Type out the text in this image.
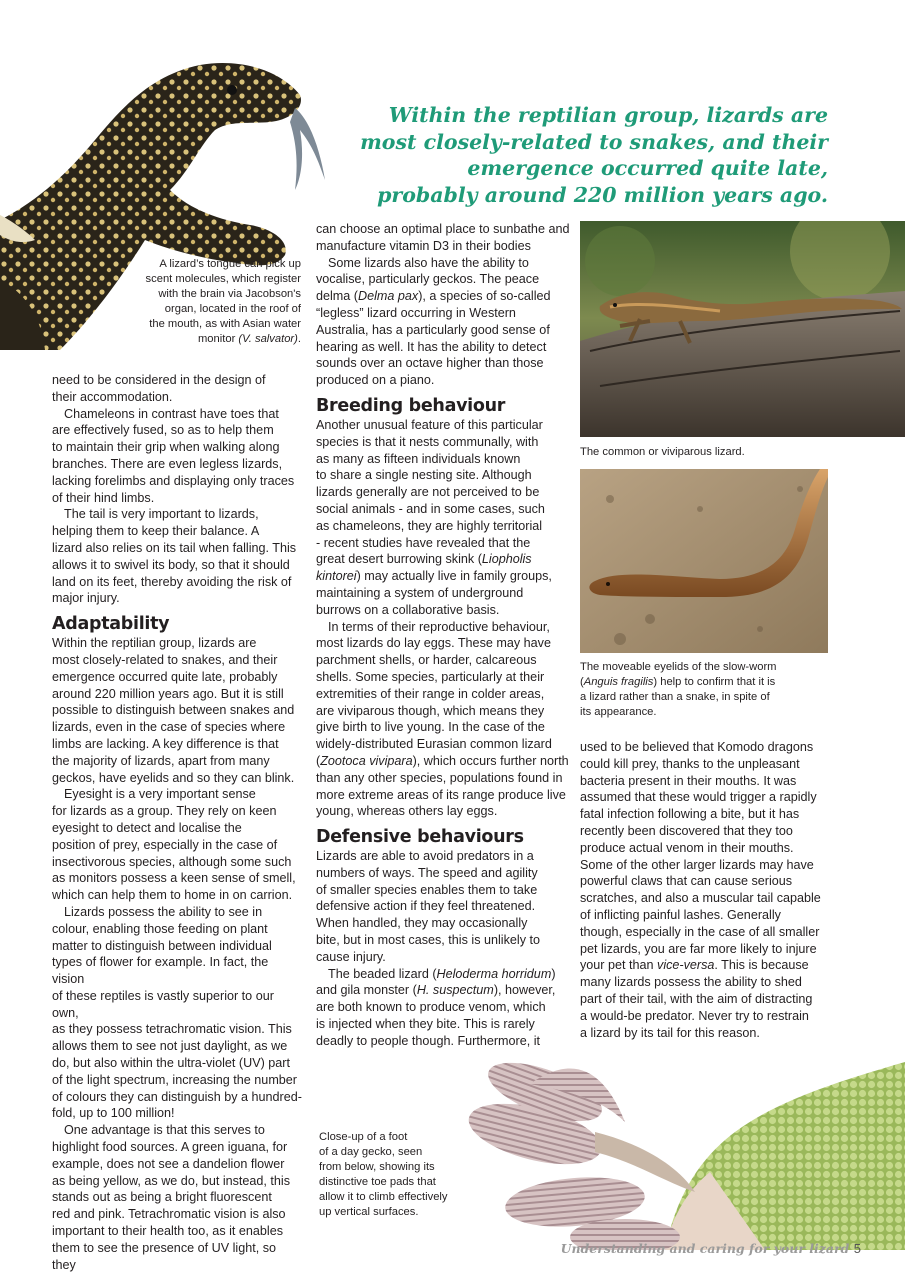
Within the reptilian group, lizards are most closely-related to snakes, and their emergence occurred quite late, probably around 220 million years ago.
A lizard’s tongue can pick up
scent molecules, which register
with the brain via Jacobson's
organ, located in the roof of
the mouth, as with Asian water
monitor (V. salvator).
The common or viviparous lizard.
The moveable eyelids of the slow-worm
(Anguis fragilis) help to confirm that it is
a lizard rather than a snake, in spite of
its appearance.
Close-up of a foot
of a day gecko, seen
from below, showing its
distinctive toe pads that
allow it to climb effectively
up vertical surfaces.

need to be considered in the design of
their accommodation.

Chameleons in contrast have toes that
are effectively fused, so as to help them
to maintain their grip when walking along
branches. There are even legless lizards,
lacking forelimbs and displaying only traces
of their hind limbs.

The tail is very important to lizards,
helping them to keep their balance. A
lizard also relies on its tail when falling. This
allows it to swivel its body, so that it should
land on its feet, thereby avoiding the risk of
major injury.

Adaptability

Within the reptilian group, lizards are
most closely-related to snakes, and their
emergence occurred quite late, probably
around 220 million years ago. But it is still
possible to distinguish between snakes and
lizards, even in the case of species where
limbs are lacking. A key difference is that
the majority of lizards, apart from many
geckos, have eyelids and so they can blink.

Eyesight is a very important sense
for lizards as a group. They rely on keen
eyesight to detect and localise the
position of prey, especially in the case of
insectivorous species, although some such
as monitors possess a keen sense of smell,
which can help them to home in on carrion.

Lizards possess the ability to see in
colour, enabling those feeding on plant
matter to distinguish between individual
types of flower for example. In fact, the vision
of these reptiles is vastly superior to our own,
as they possess tetrachromatic vision. This
allows them to see not just daylight, as we
do, but also within the ultra-violet (UV) part
of the light spectrum, increasing the number
of colours they can distinguish by a hundred-
fold, up to 100 million!

One advantage is that this serves to
highlight food sources. A green iguana, for
example, does not see a dandelion flower
as being yellow, as we do, but instead, this
stands out as being a bright fluorescent
red and pink. Tetrachromatic vision is also
important to their health too, as it enables
them to see the presence of UV light, so they

can choose an optimal place to sunbathe and
manufacture vitamin D3 in their bodies

Some lizards also have the ability to
vocalise, particularly geckos. The peace
delma (Delma pax), a species of so-called
“legless” lizard occurring in Western
Australia, has a particularly good sense of
hearing as well. It has the ability to detect
sounds over an octave higher than those
produced on a piano.

Breeding behaviour

Another unusual feature of this particular
species is that it nests communally, with
as many as fifteen individuals known
to share a single nesting site. Although
lizards generally are not perceived to be
social animals - and in some cases, such
as chameleons, they are highly territorial
- recent studies have revealed that the
great desert burrowing skink (Liopholis
kintorei) may actually live in family groups,
maintaining a system of underground
burrows on a collaborative basis.

In terms of their reproductive behaviour,
most lizards do lay eggs. These may have
parchment shells, or harder, calcareous
shells. Some species, particularly at their
extremities of their range in colder areas,
are viviparous though, which means they
give birth to live young. In the case of the
widely-distributed Eurasian common lizard
(Zootoca vivipara), which occurs further north
than any other species, populations found in
more extreme areas of its range produce live
young, whereas others lay eggs.

Defensive behaviours

Lizards are able to avoid predators in a
numbers of ways. The speed and agility
of smaller species enables them to take
defensive action if they feel threatened.
When handled, they may occasionally
bite, but in most cases, this is unlikely to
cause injury.

The beaded lizard (Heloderma horridum)
and gila monster (H. suspectum), however,
are both known to produce venom, which
is injected when they bite. This is rarely
deadly to people though. Furthermore, it

used to be believed that Komodo dragons
could kill prey, thanks to the unpleasant
bacteria present in their mouths. It was
assumed that these would trigger a rapidly
fatal infection following a bite, but it has
recently been discovered that they too
produce actual venom in their mouths.
Some of the other larger lizards may have
powerful claws that can cause serious
scratches, and also a muscular tail capable
of inflicting painful lashes. Generally
though, especially in the case of all smaller
pet lizards, you are far more likely to injure
your pet than vice-versa. This is because
many lizards possess the ability to shed
part of their tail, with the aim of distracting
a would-be predator. Never try to restrain
a lizard by its tail for this reason.

Understanding and caring for your lizard 5
